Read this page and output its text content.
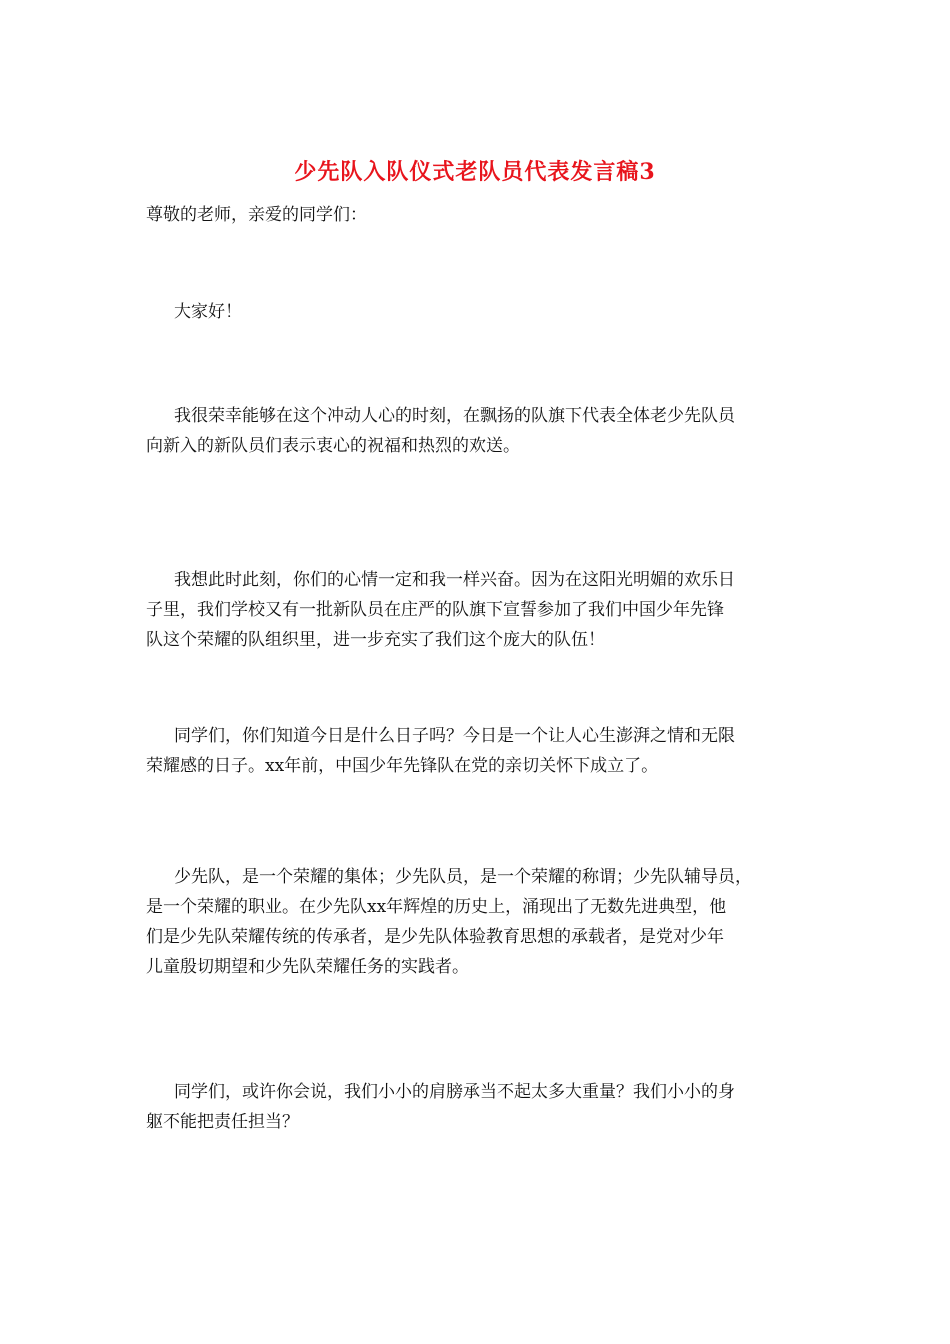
少先队入队仪式老队员代表发言稿3
尊敬的老师，亲爱的同学们：
大家好！
我很荣幸能够在这个冲动人心的时刻，在飘扬的队旗下代表全体老少先队员
向新入的新队员们表示衷心的祝福和热烈的欢送。
我想此时此刻，你们的心情一定和我一样兴奋。因为在这阳光明媚的欢乐日
子里，我们学校又有一批新队员在庄严的队旗下宣誓参加了我们中国少年先锋
队这个荣耀的队组织里，进一步充实了我们这个庞大的队伍！
同学们，你们知道今日是什么日子吗？今日是一个让人心生澎湃之情和无限
荣耀感的日子。xx年前，中国少年先锋队在党的亲切关怀下成立了。
少先队，是一个荣耀的集体；少先队员，是一个荣耀的称谓；少先队辅导员，
是一个荣耀的职业。在少先队xx年辉煌的历史上，涌现出了无数先进典型，他
们是少先队荣耀传统的传承者，是少先队体验教育思想的承载者，是党对少年
儿童殷切期望和少先队荣耀任务的实践者。
同学们，或许你会说，我们小小的肩膀承当不起太多大重量？我们小小的身
躯不能把责任担当？
